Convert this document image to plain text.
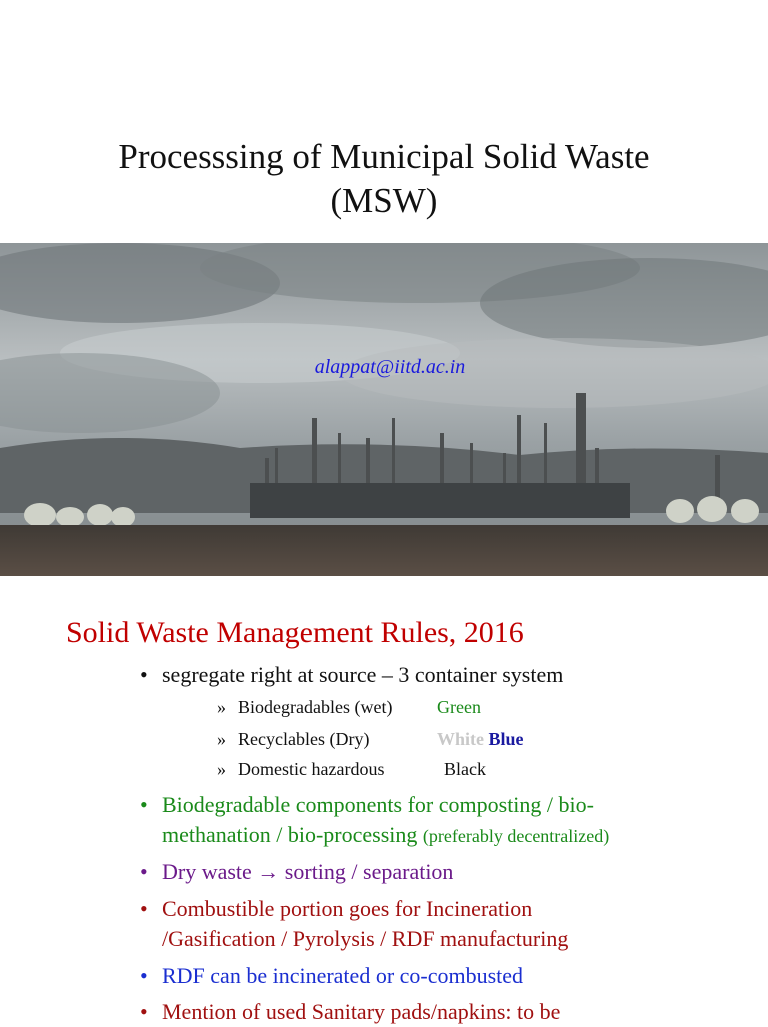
Processsing of Municipal Solid Waste
(MSW)
alappat@iitd.ac.in
Solid Waste Management Rules, 2016
• segregate right at source – 3 container system
» Biodegradables (wet) Green
» Recyclables (Dry)	White Blue
» Domestic hazardous	Black
• Biodegradable components for composting / bio-
methanation / bio-processing (preferably decentralized)
• Dry waste → sorting / separation
• Combustible portion goes for Incineration
/Gasification / Pyrolysis / RDF manufacturing
• RDF can be incinerated or co-combusted
• Mention of used Sanitary pads/napkins: to be
